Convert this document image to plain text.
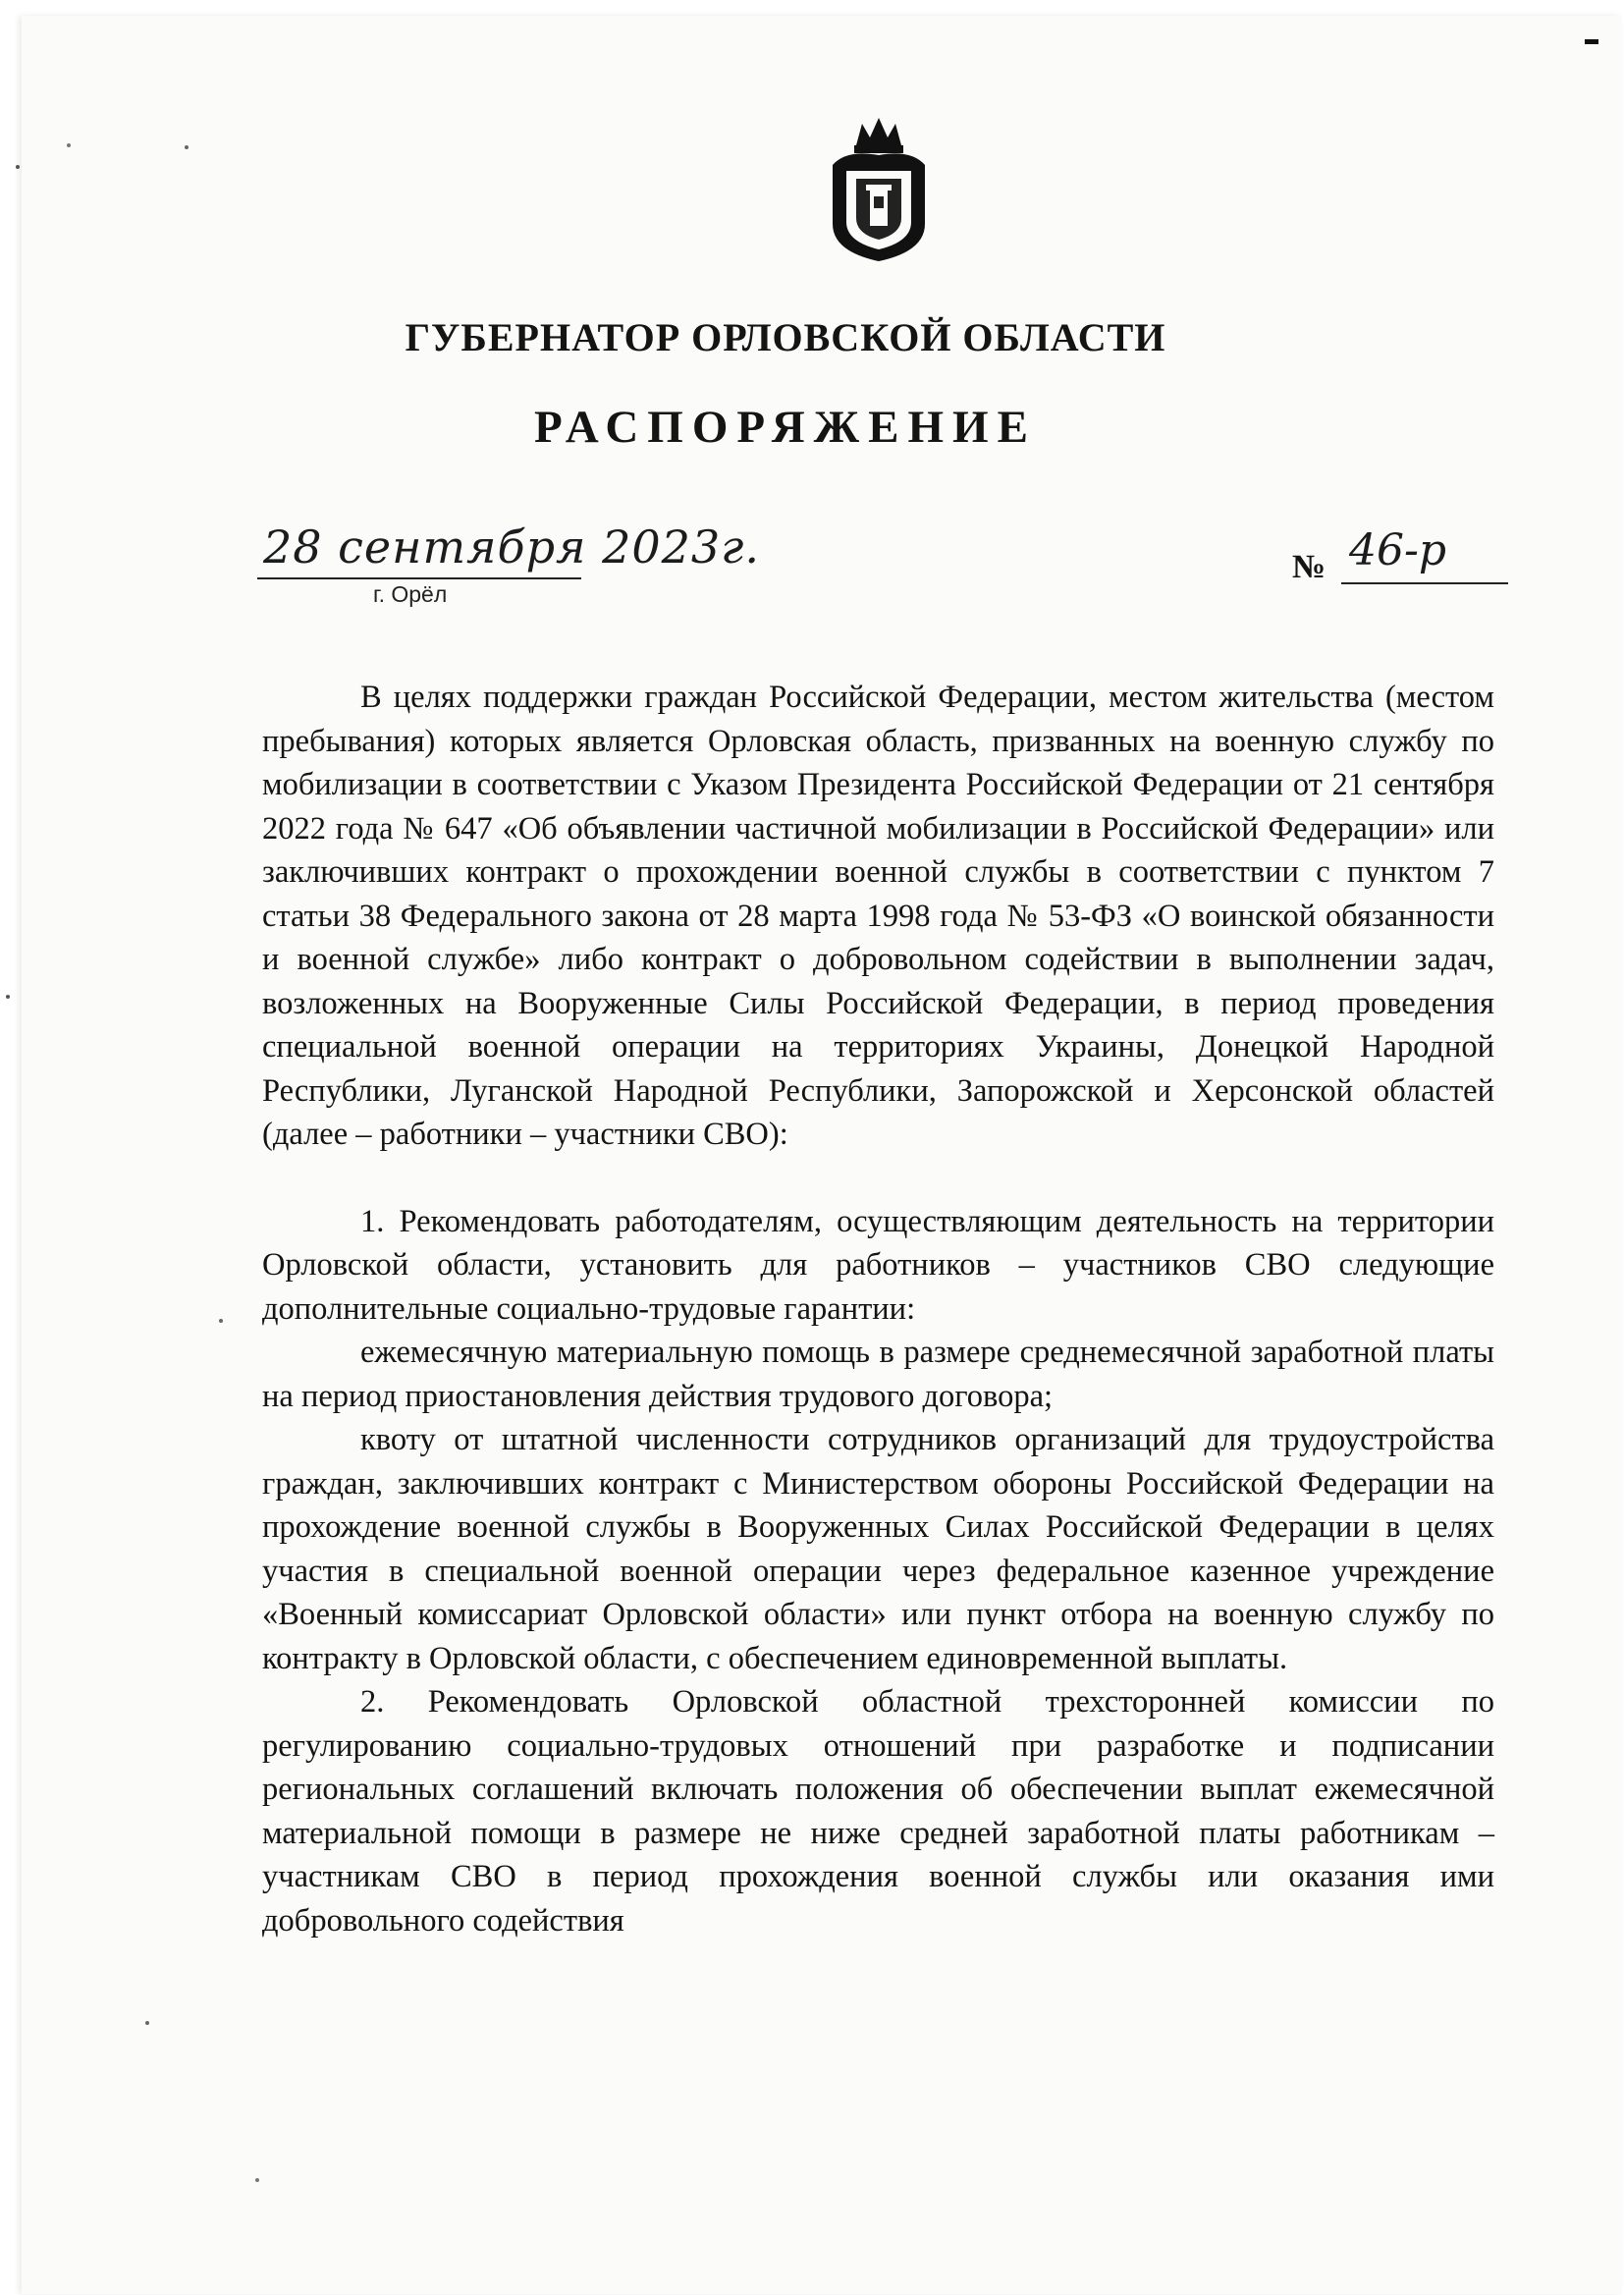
ГУБЕРНАТОР ОРЛОВСКОЙ ОБЛАСТИ
РАСПОРЯЖЕНИЕ
28 сентября 2023г.
г. Орёл
№ 46-р

В целях поддержки граждан Российской Федерации, местом жительства (местом пребывания) которых является Орловская область, призванных на военную службу по мобилизации в соответствии с Указом Президента Российской Федерации от 21 сентября 2022 года № 647 «Об объявлении частичной мобилизации в Российской Федерации» или заключивших контракт о прохождении военной службы в соответствии с пунктом 7 статьи 38 Федерального закона от 28 марта 1998 года № 53-ФЗ «О воинской обязанности и военной службе» либо контракт о добровольном содействии в выполнении задач, возложенных на Вооруженные Силы Российской Федерации, в период проведения специальной военной операции на территориях Украины, Донецкой Народной Республики, Луганской Народной Республики, Запорожской и Херсонской областей (далее – работники – участники СВО):

1. Рекомендовать работодателям, осуществляющим деятельность на территории Орловской области, установить для работников – участников СВО следующие дополнительные социально-трудовые гарантии:

ежемесячную материальную помощь в размере среднемесячной заработной платы на период приостановления действия трудового договора;

квоту от штатной численности сотрудников организаций для трудоустройства граждан, заключивших контракт с Министерством обороны Российской Федерации на прохождение военной службы в Вооруженных Силах Российской Федерации в целях участия в специальной военной операции через федеральное казенное учреждение «Военный комиссариат Орловской области» или пункт отбора на военную службу по контракту в Орловской области, с обеспечением единовременной выплаты.

2. Рекомендовать Орловской областной трехсторонней комиссии по регулированию социально-трудовых отношений при разработке и подписании региональных соглашений включать положения об обеспечении выплат ежемесячной материальной помощи в размере не ниже средней заработной платы работникам – участникам СВО в период прохождения военной службы или оказания ими добровольного содействия
